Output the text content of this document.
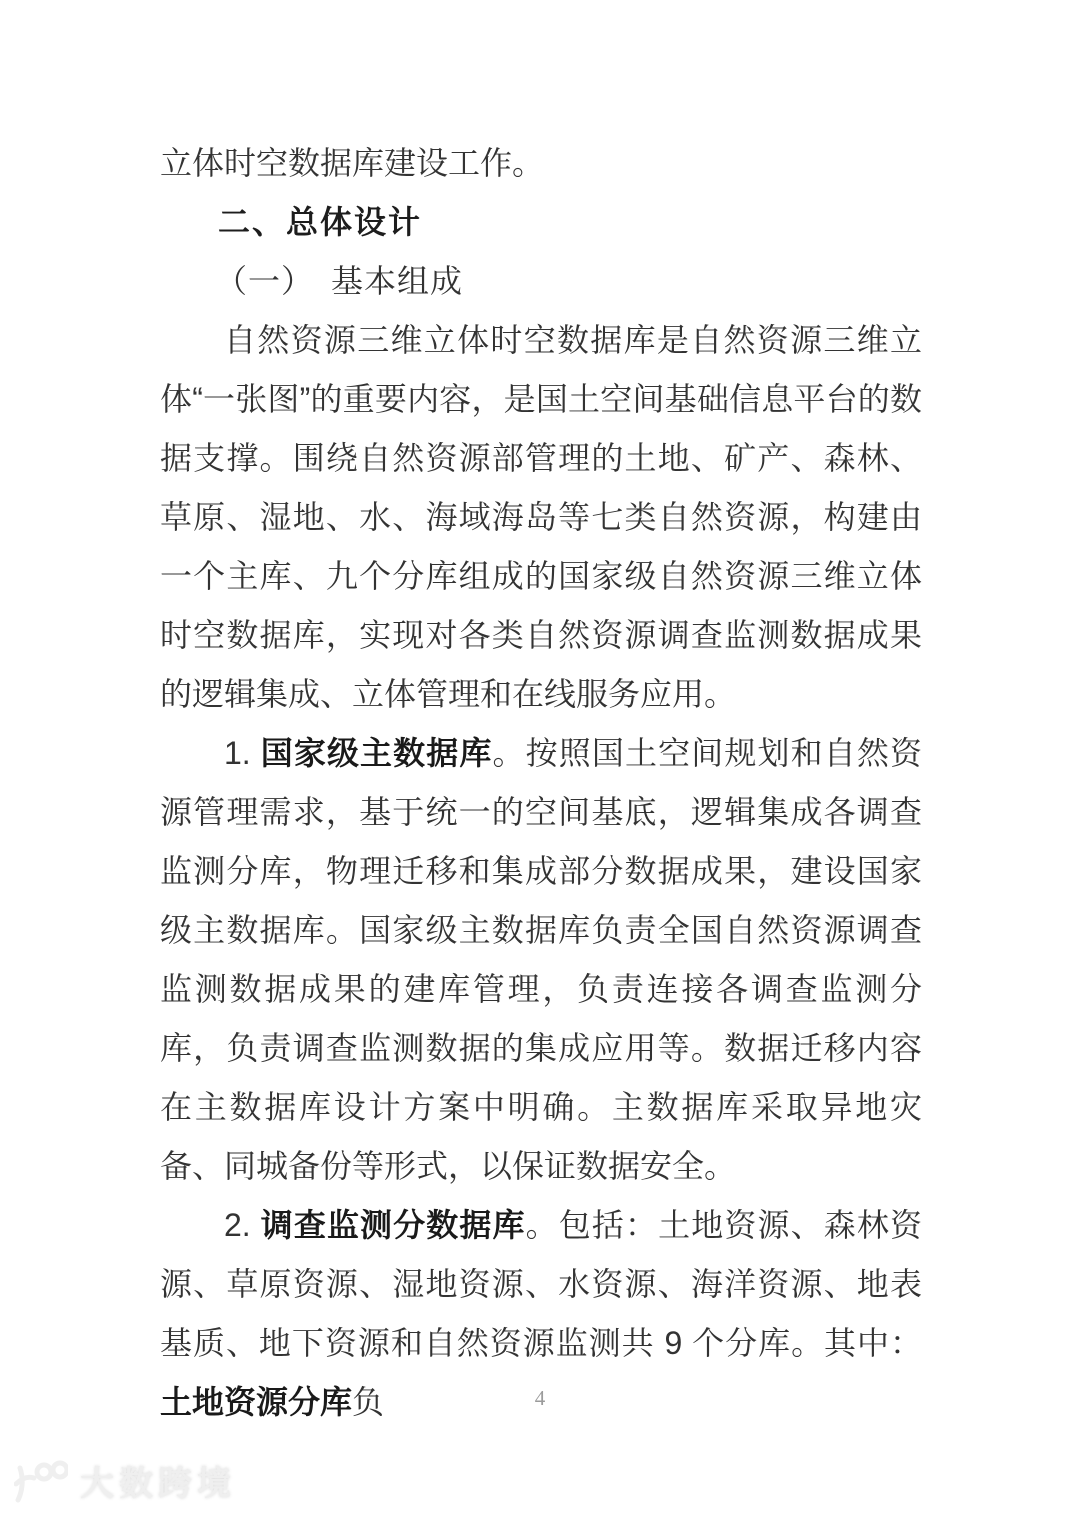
立体时空数据库建设工作。

二、总体设计

（一）　基本组成

自然资源三维立体时空数据库是自然资源三维立体“一张图”的重要内容，是国土空间基础信息平台的数据支撑。围绕自然资源部管理的土地、矿产、森林、草原、湿地、水、海域海岛等七类自然资源，构建由一个主库、九个分库组成的国家级自然资源三维立体时空数据库，实现对各类自然资源调查监测数据成果的逻辑集成、立体管理和在线服务应用。

1. 国家级主数据库。按照国土空间规划和自然资源管理需求，基于统一的空间基底，逻辑集成各调查监测分库，物理迁移和集成部分数据成果，建设国家级主数据库。国家级主数据库负责全国自然资源调查监测数据成果的建库管理，负责连接各调查监测分库，负责调查监测数据的集成应用等。数据迁移内容在主数据库设计方案中明确。主数据库采取异地灾备、同城备份等形式，以保证数据安全。

2. 调查监测分数据库。包括：土地资源、森林资源、草原资源、湿地资源、水资源、海洋资源、地表基质、地下资源和自然资源监测共 9 个分库。其中：土地资源分库负	4
大数跨境
